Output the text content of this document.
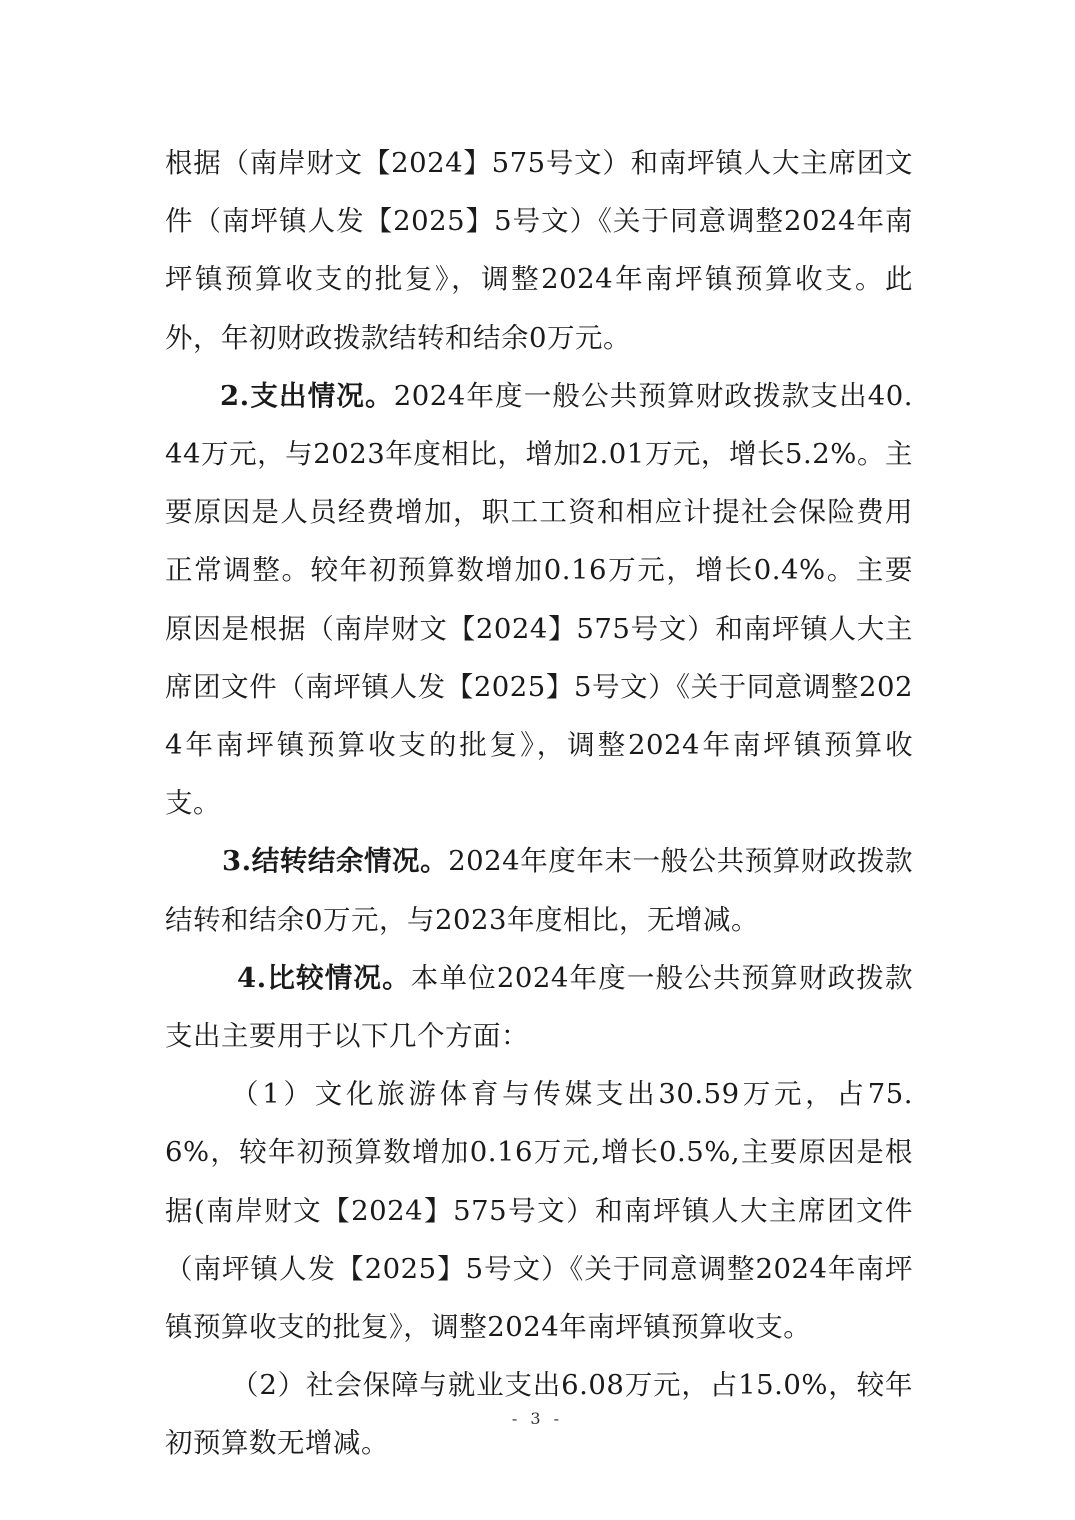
根据（南岸财文【2024】575号文）和南坪镇人大主席团文件（南坪镇人发【2025】5号文）《关于同意调整2024年南坪镇预算收支的批复》，调整2024年南坪镇预算收支。此外，年初财政拨款结转和结余0万元。

2.支出情况。2024年度一般公共预算财政拨款支出40.44万元，与2023年度相比，增加2.01万元，增长5.2%。主要原因是人员经费增加，职工工资和相应计提社会保险费用正常调整。较年初预算数增加0.16万元，增长0.4%。主要原因是根据（南岸财文【2024】575号文）和南坪镇人大主席团文件（南坪镇人发【2025】5号文）《关于同意调整2024年南坪镇预算收支的批复》，调整2024年南坪镇预算收支。

3.结转结余情况。2024年度年末一般公共预算财政拨款结转和结余0万元，与2023年度相比，无增减。

4.比较情况。本单位2024年度一般公共预算财政拨款支出主要用于以下几个方面：

（1）文化旅游体育与传媒支出30.59万元，占75.6%，较年初预算数增加0.16万元,增长0.5%,主要原因是根据(南岸财文【2024】575号文）和南坪镇人大主席团文件（南坪镇人发【2025】5号文）《关于同意调整2024年南坪镇预算收支的批复》，调整2024年南坪镇预算收支。

（2）社会保障与就业支出6.08万元，占15.0%，较年初预算数无增减。

- 3 -
